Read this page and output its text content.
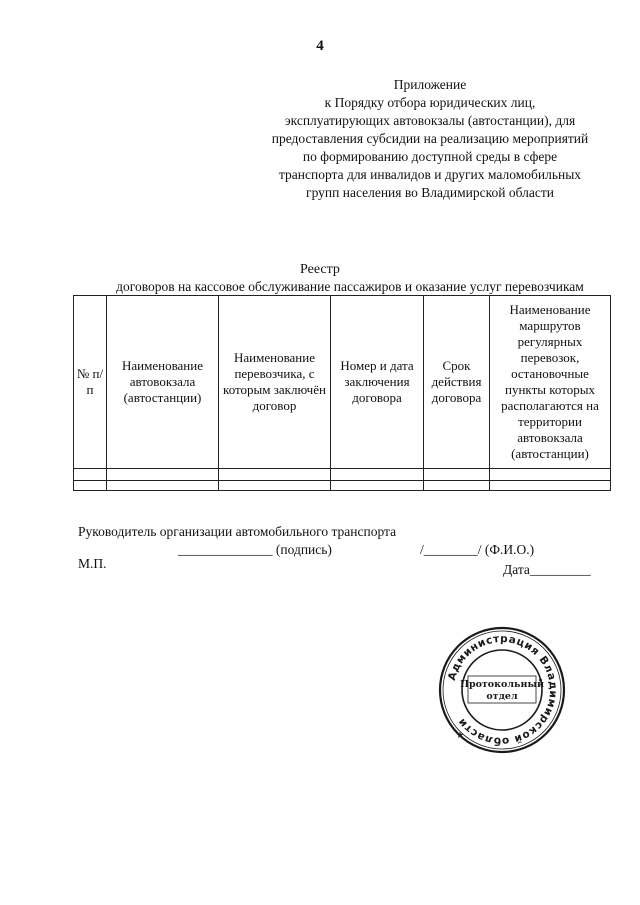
4
Приложение
к Порядку отбора юридических лиц,
эксплуатирующих автовокзалы (автостанции), для
предоставления субсидии на реализацию мероприятий
по формированию доступной среды в сфере
транспорта для инвалидов и других маломобильных
групп населения во Владимирской области
Реестр
договоров на кассовое обслуживание пассажиров и оказание услуг перевозчикам
№ п/п	Наименование автовокзала (автостанции)	Наименование перевозчика, с которым заключён договор	Номер и дата заключения договора	Срок действия договора	Наименование маршрутов регулярных перевозок, остановочные пункты которых располагаются на территории автовокзала (автостанции)

Руководитель организации автомобильного транспорта
______________ (подпись)	/________/ (Ф.И.О.)
М.П.	Дата_________
Администрация Владимирской области
★
Протокольный
отдел
